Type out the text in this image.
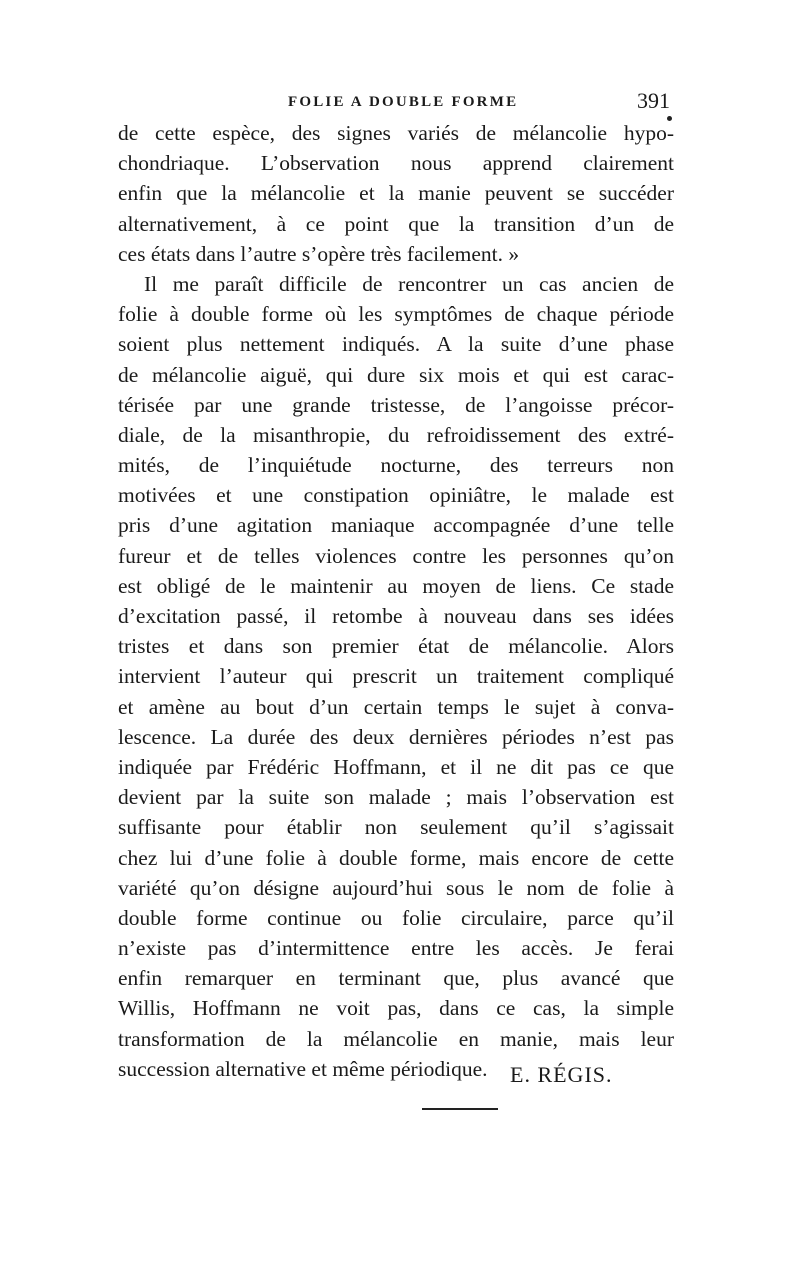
FOLIE A DOUBLE FORME	391
de cette espèce, des signes variés de mélancolie hypo-
chondriaque. L’observation nous apprend clairement
enfin que la mélancolie et la manie peuvent se succéder
alternativement, à ce point que la transition d’un de
ces états dans l’autre s’opère très facilement. »
Il me paraît difficile de rencontrer un cas ancien de
folie à double forme où les symptômes de chaque période
soient plus nettement indiqués. A la suite d’une phase
de mélancolie aiguë, qui dure six mois et qui est carac-
térisée par une grande tristesse, de l’angoisse précor-
diale, de la misanthropie, du refroidissement des extré-
mités, de l’inquiétude nocturne, des terreurs non
motivées et une constipation opiniâtre, le malade est
pris d’une agitation maniaque accompagnée d’une telle
fureur et de telles violences contre les personnes qu’on
est obligé de le maintenir au moyen de liens. Ce stade
d’excitation passé, il retombe à nouveau dans ses idées
tristes et dans son premier état de mélancolie. Alors
intervient l’auteur qui prescrit un traitement compliqué
et amène au bout d’un certain temps le sujet à conva-
lescence. La durée des deux dernières périodes n’est pas
indiquée par Frédéric Hoffmann, et il ne dit pas ce que
devient par la suite son malade ; mais l’observation est
suffisante pour établir non seulement qu’il s’agissait
chez lui d’une folie à double forme, mais encore de cette
variété qu’on désigne aujourd’hui sous le nom de folie à
double forme continue ou folie circulaire, parce qu’il
n’existe pas d’intermittence entre les accès. Je ferai
enfin remarquer en terminant que, plus avancé que
Willis, Hoffmann ne voit pas, dans ce cas, la simple
transformation de la mélancolie en manie, mais leur
succession alternative et même périodique.	E. RÉGIS.
